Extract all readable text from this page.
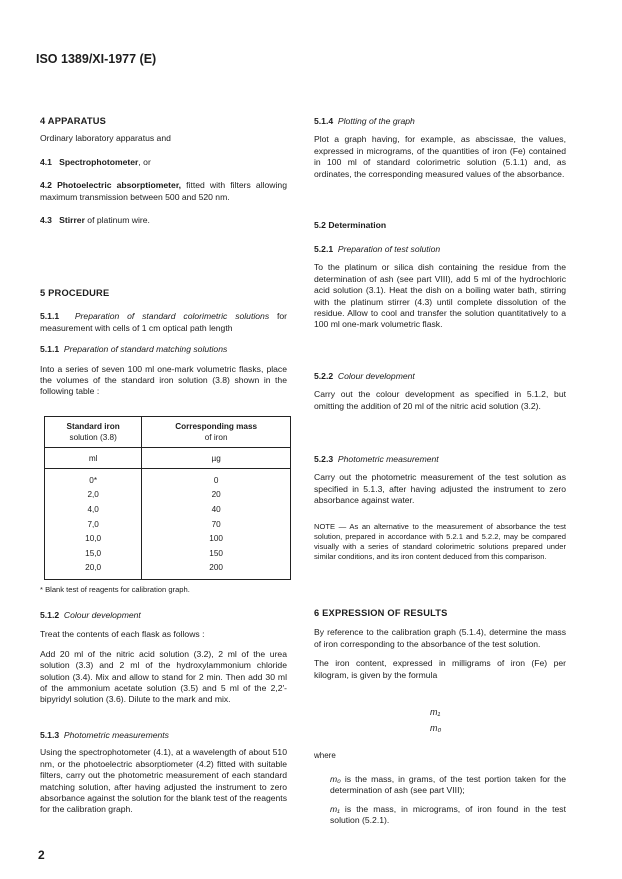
ISO 1389/XI-1977 (E)
4 APPARATUS

Ordinary laboratory apparatus and

4.1 Spectrophotometer, or

4.2 Photoelectric absorptiometer, fitted with filters allowing maximum transmission between 500 and 520 nm.

4.3 Stirrer of platinum wire.

5 PROCEDURE

5.1.1 Preparation of standard colorimetric solutions for measurement with cells of 1 cm optical path length

5.1.1 Preparation of standard matching solutions

Into a series of seven 100 ml one-mark volumetric flasks, place the volumes of the standard iron solution (3.8) shown in the following table :

Standard iron
solution (3.8)	Corresponding mass
of iron
ml	µg
0*	0
2,0	20
4,0	40
7,0	70
10,0	100
15,0	150
20,0	200
* Blank test of reagents for calibration graph.

5.1.2 Colour development

Treat the contents of each flask as follows :

Add 20 ml of the nitric acid solution (3.2), 2 ml of the urea solution (3.3) and 2 ml of the hydroxylammonium chloride solution (3.4). Mix and allow to stand for 2 min. Then add 30 ml of the ammonium acetate solution (3.5) and 5 ml of the 2,2′-bipyridyl solution (3.6). Dilute to the mark and mix.

5.1.3 Photometric measurements

Using the spectrophotometer (4.1), at a wavelength of about 510 nm, or the photoelectric absorptiometer (4.2) fitted with suitable filters, carry out the photometric measurement of each standard matching solution, after having adjusted the instrument to zero absorbance against the solution for the blank test of the reagents for the calibration graph.

2

5.1.4 Plotting of the graph

Plot a graph having, for example, as abscissae, the values, expressed in micrograms, of the quantities of iron (Fe) contained in 100 ml of standard colorimetric solution (5.1.1) and, as ordinates, the corresponding measured values of the absorbance.

5.2 Determination

5.2.1 Preparation of test solution

To the platinum or silica dish containing the residue from the determination of ash (see part VIII), add 5 ml of the hydrochloric acid solution (3.1). Heat the dish on a boiling water bath, stirring with the platinum stirrer (4.3) until complete dissolution of the residue. Allow to cool and transfer the solution quantitatively to a 100 ml one-mark volumetric flask.

5.2.2 Colour development

Carry out the colour development as specified in 5.1.2, but omitting the addition of 20 ml of the nitric acid solution (3.2).

5.2.3 Photometric measurement

Carry out the photometric measurement of the test solution as specified in 5.1.3, after having adjusted the instrument to zero absorbance against water.

NOTE — As an alternative to the measurement of absorbance the test solution, prepared in accordance with 5.2.1 and 5.2.2, may be compared visually with a series of standard colorimetric solutions prepared under similar conditions, and its iron content deduced from this comparison.

6 EXPRESSION OF RESULTS

By reference to the calibration graph (5.1.4), determine the mass of iron corresponding to the absorbance of the test solution.

The iron content, expressed in milligrams of iron (Fe) per kilogram, is given by the formula

m₁
m₀
where

m₀ is the mass, in grams, of the test portion taken for the determination of ash (see part VIII);

m₁ is the mass, in micrograms, of iron found in the test solution (5.2.1).
